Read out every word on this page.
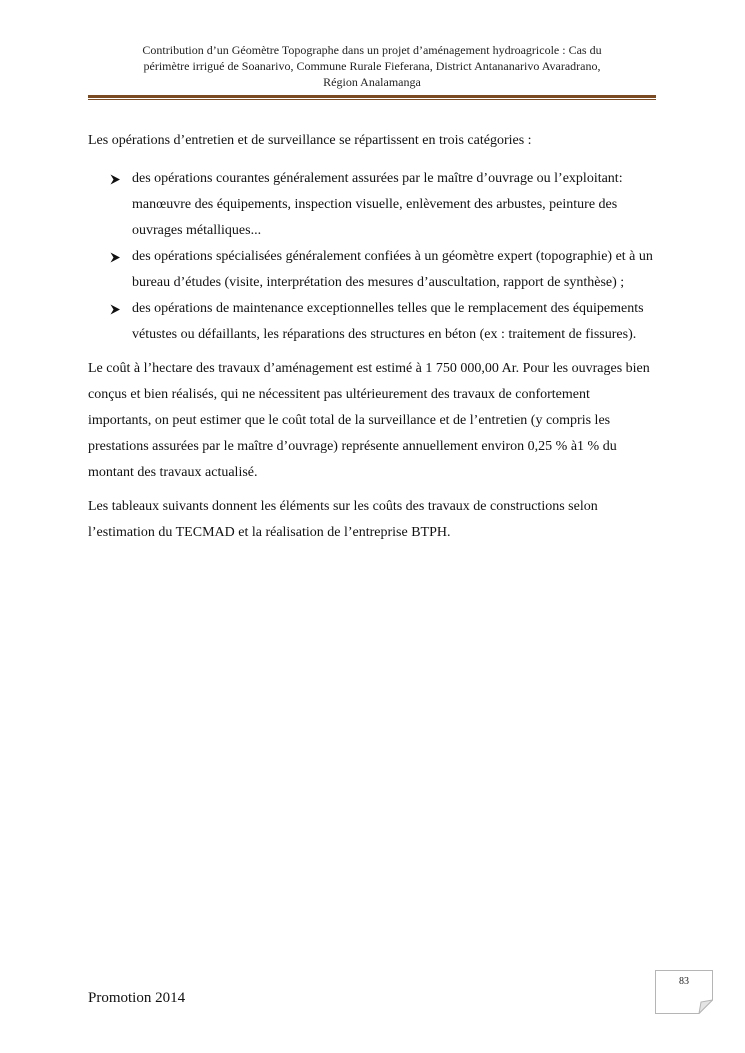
Contribution d’un Géomètre Topographe dans un projet d’aménagement hydroagricole : Cas du
périmètre irrigué de Soanarivo, Commune Rurale Fieferana, District Antananarivo Avaradrano,
Région Analamanga

Les opérations d’entretien et de surveillance se répartissent en trois catégories :

des opérations courantes généralement assurées par le maître d’ouvrage ou l’exploitant: manœuvre des équipements, inspection visuelle, enlèvement des arbustes, peinture des ouvrages métalliques...
des opérations spécialisées généralement confiées à un géomètre expert (topographie) et à un bureau d’études (visite, interprétation des mesures d’auscultation, rapport de synthèse) ;
des opérations de maintenance exceptionnelles telles que le remplacement des équipements vétustes ou défaillants, les réparations des structures en béton (ex : traitement de fissures).

Le coût à l’hectare des travaux d’aménagement est estimé à 1 750 000,00 Ar. Pour les ouvrages bien conçus et bien réalisés, qui ne nécessitent pas ultérieurement des travaux de confortement importants, on peut estimer que le coût total de la surveillance et de l’entretien (y compris les prestations assurées par le maître d’ouvrage) représente annuellement environ 0,25 % à1 % du montant des travaux actualisé.

Les tableaux suivants donnent les éléments sur les coûts des travaux de constructions selon l’estimation du TECMAD et la réalisation de l’entreprise BTPH.

83
Promotion 2014
